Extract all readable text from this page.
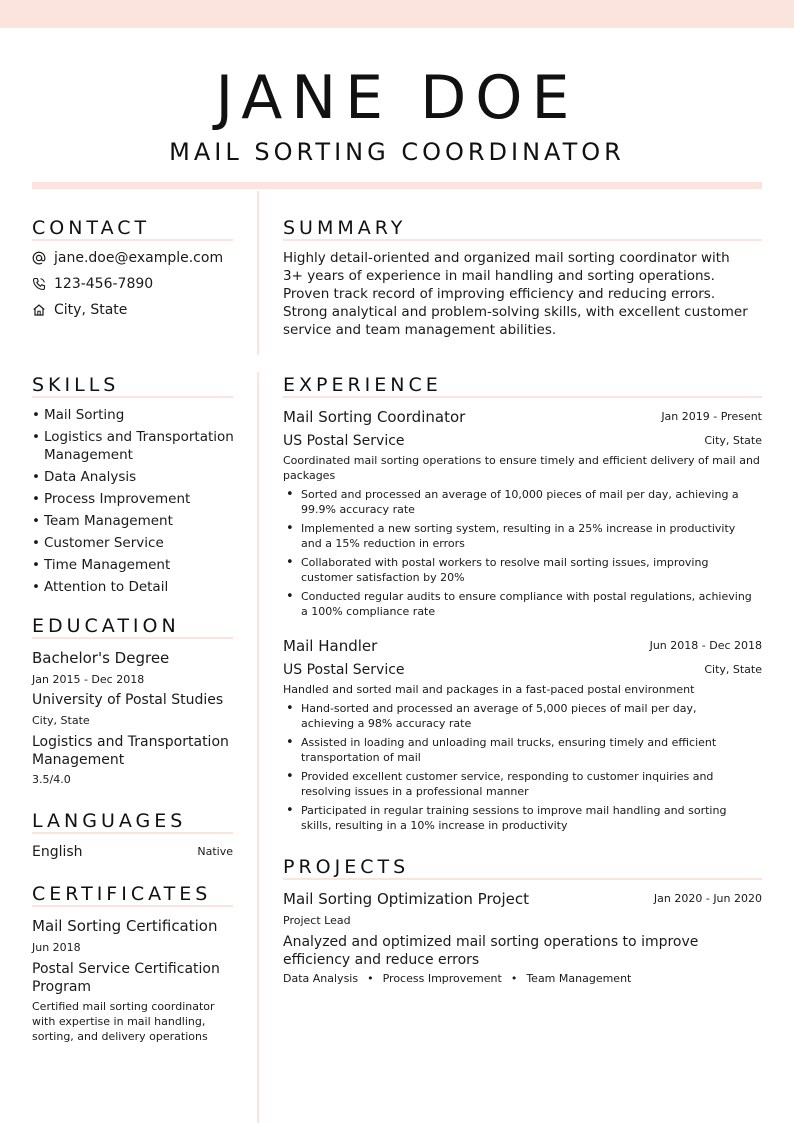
JANE DOE
MAIL SORTING COORDINATOR
CONTACT
jane.doe@example.com
123-456-7890
City, State
SUMMARY
Highly detail-oriented and organized mail sorting coordinator with 3+ years of experience in mail handling and sorting operations. Proven track record of improving efficiency and reducing errors. Strong analytical and problem-solving skills, with excellent customer service and team management abilities.
SKILLS
• Mail Sorting
• Logistics and Transportation Management
• Data Analysis
• Process Improvement
• Team Management
• Customer Service
• Time Management
• Attention to Detail
EDUCATION
Bachelor's Degree
Jan 2015 - Dec 2018
University of Postal Studies
City, State
Logistics and Transportation Management
3.5/4.0
LANGUAGES
English	Native
CERTIFICATES
Mail Sorting Certification
Jun 2018
Postal Service Certification Program
Certified mail sorting coordinator with expertise in mail handling, sorting, and delivery operations
EXPERIENCE
Mail Sorting Coordinator	Jan 2019 - Present
US Postal Service	City, State
Coordinated mail sorting operations to ensure timely and efficient delivery of mail and packages
• Sorted and processed an average of 10,000 pieces of mail per day, achieving a 99.9% accuracy rate
• Implemented a new sorting system, resulting in a 25% increase in productivity and a 15% reduction in errors
• Collaborated with postal workers to resolve mail sorting issues, improving customer satisfaction by 20%
• Conducted regular audits to ensure compliance with postal regulations, achieving a 100% compliance rate
Mail Handler	Jun 2018 - Dec 2018
US Postal Service	City, State
Handled and sorted mail and packages in a fast-paced postal environment
• Hand-sorted and processed an average of 5,000 pieces of mail per day, achieving a 98% accuracy rate
• Assisted in loading and unloading mail trucks, ensuring timely and efficient transportation of mail
• Provided excellent customer service, responding to customer inquiries and resolving issues in a professional manner
• Participated in regular training sessions to improve mail handling and sorting skills, resulting in a 10% increase in productivity
PROJECTS
Mail Sorting Optimization Project	Jan 2020 - Jun 2020
Project Lead
Analyzed and optimized mail sorting operations to improve efficiency and reduce errors
Data Analysis • Process Improvement • Team Management
